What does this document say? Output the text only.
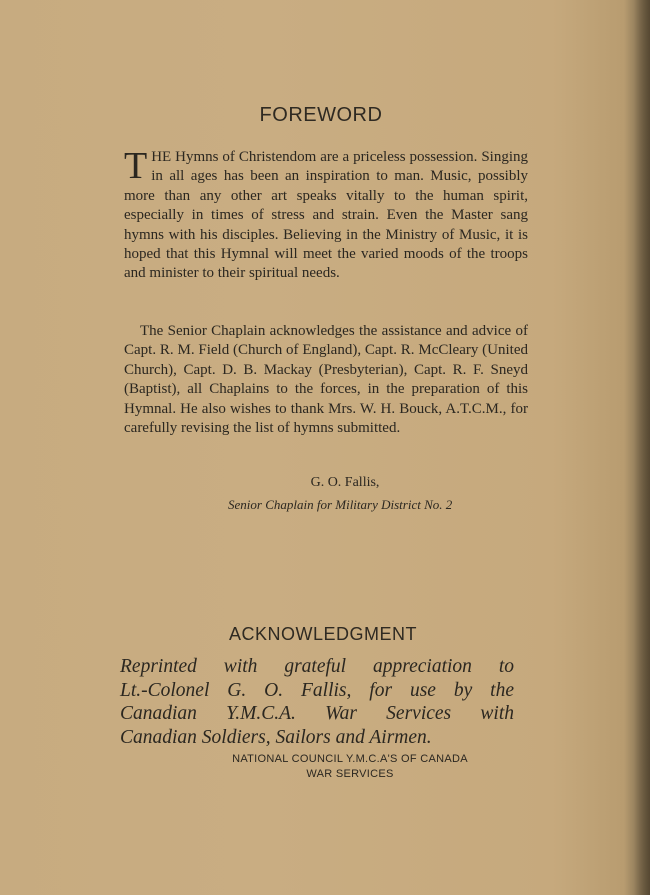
FOREWORD
THE Hymns of Christendom are a priceless possession. Singing in all ages has been an inspiration to man. Music, possibly more than any other art speaks vitally to the human spirit, especially in times of stress and strain. Even the Master sang hymns with his disciples. Believing in the Ministry of Music, it is hoped that this Hymnal will meet the varied moods of the troops and minister to their spiritual needs.
The Senior Chaplain acknowledges the assistance and advice of Capt. R. M. Field (Church of England), Capt. R. McCleary (United Church), Capt. D. B. Mackay (Presbyterian), Capt. R. F. Sneyd (Baptist), all Chaplains to the forces, in the preparation of this Hymnal. He also wishes to thank Mrs. W. H. Bouck, A.T.C.M., for carefully revising the list of hymns submitted.
G. O. Fallis,
Senior Chaplain for Military District No. 2
ACKNOWLEDGMENT
Reprinted with grateful appreciation to
Lt.-Colonel G. O. Fallis, for use by the
Canadian Y.M.C.A. War Services with
Canadian Soldiers, Sailors and Airmen.
NATIONAL COUNCIL Y.M.C.A'S OF CANADA
WAR SERVICES
